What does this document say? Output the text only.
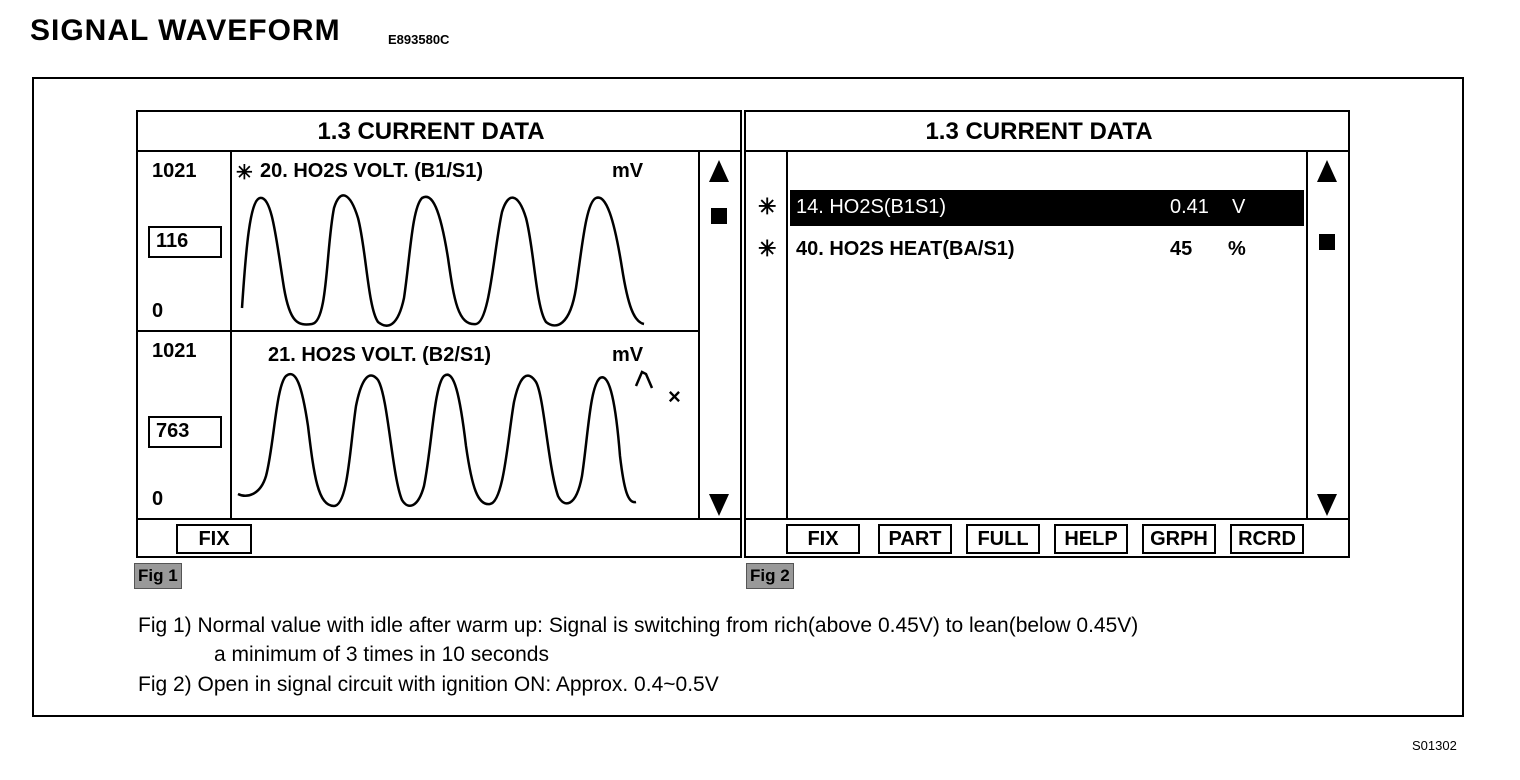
SIGNAL WAVEFORM	E893580C
1.3 CURRENT DATA
1021
116
0
✳ 20. HO2S VOLT. (B1/S1)	mV
1021
763
0
21. HO2S VOLT. (B2/S1)	mV
×
FIX
Fig 1
1.3 CURRENT DATA
✳ 14. HO2S(B1S1)	0.41 V
✳ 40. HO2S HEAT(BA/S1)	45 %
FIX	PART	FULL	HELP	GRPH	RCRD
Fig 2
Fig 1) Normal value with idle after warm up: Signal is switching from rich(above 0.45V) to lean(below 0.45V)
a minimum of 3 times in 10 seconds
Fig 2) Open in signal circuit with ignition ON: Approx. 0.4~0.5V
S01302
